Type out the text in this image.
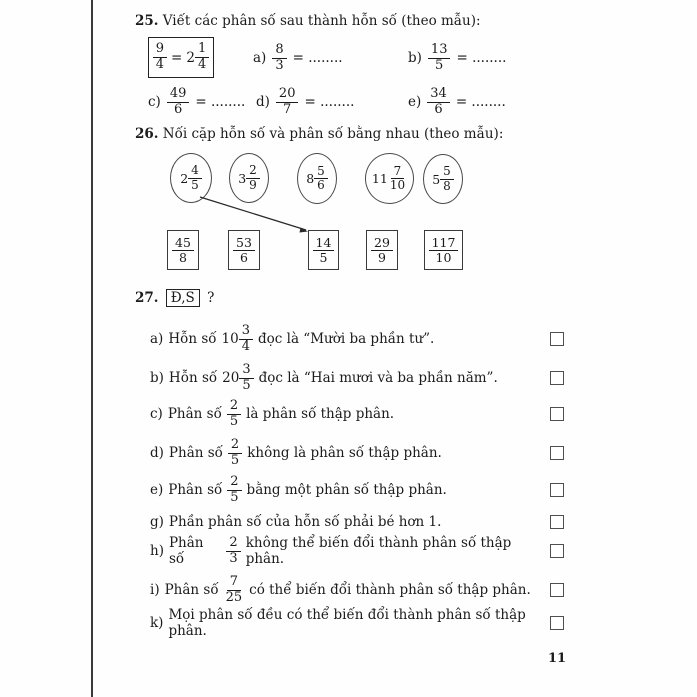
25. Viết các phân số sau thành hỗn số (theo mẫu):
$\frac{9}{4} = 2 \frac{1}{4}$	$a) \frac{8}{3}$ = ........	$b) \frac{13}{5}$ = ........
$c) \frac{49}{6}$ = ........ $d) \frac{20}{7}$ = ........	$e) \frac{34}{6}$ = ........
26. Nối cặp hỗn số và phân số bằng nhau (theo mẫu):
$2 \frac{4}{5}$	$3 \frac{2}{9}$	$8 \frac{5}{6}$	$11 \frac{7}{10} 5 \frac{5}{8}$
$\frac{45}{8}$	$\frac{53}{6}$	$\frac{14}{5}$	$\frac{29}{9}$	$\frac{117}{10}$
27. Đ,S ?
a) Hỗn số $10 \frac{3}{4}$ đọc là “Mười ba phần tư”.
b) Hỗn số $20 \frac{3}{5}$ đọc là “Hai mươi và ba phần năm”.
c) Phân số $\frac{2}{5}$ là phân số thập phân.
d) Phân số $\frac{2}{5}$ không là phân số thập phân.
e) Phân số $\frac{2}{5}$ bằng một phân số thập phân.
g) Phần phân số của hỗn số phải bé hơn 1.
h) Phân số	$\frac{2}{3}$ không thể biến đổi thành phân số thập phân.
i) Phân số $\frac{7}{25}$ có thể biến đổi thành phân số thập phân.
k) Mọi phân số đều có thể biến đổi thành phân số thập phân.
11
